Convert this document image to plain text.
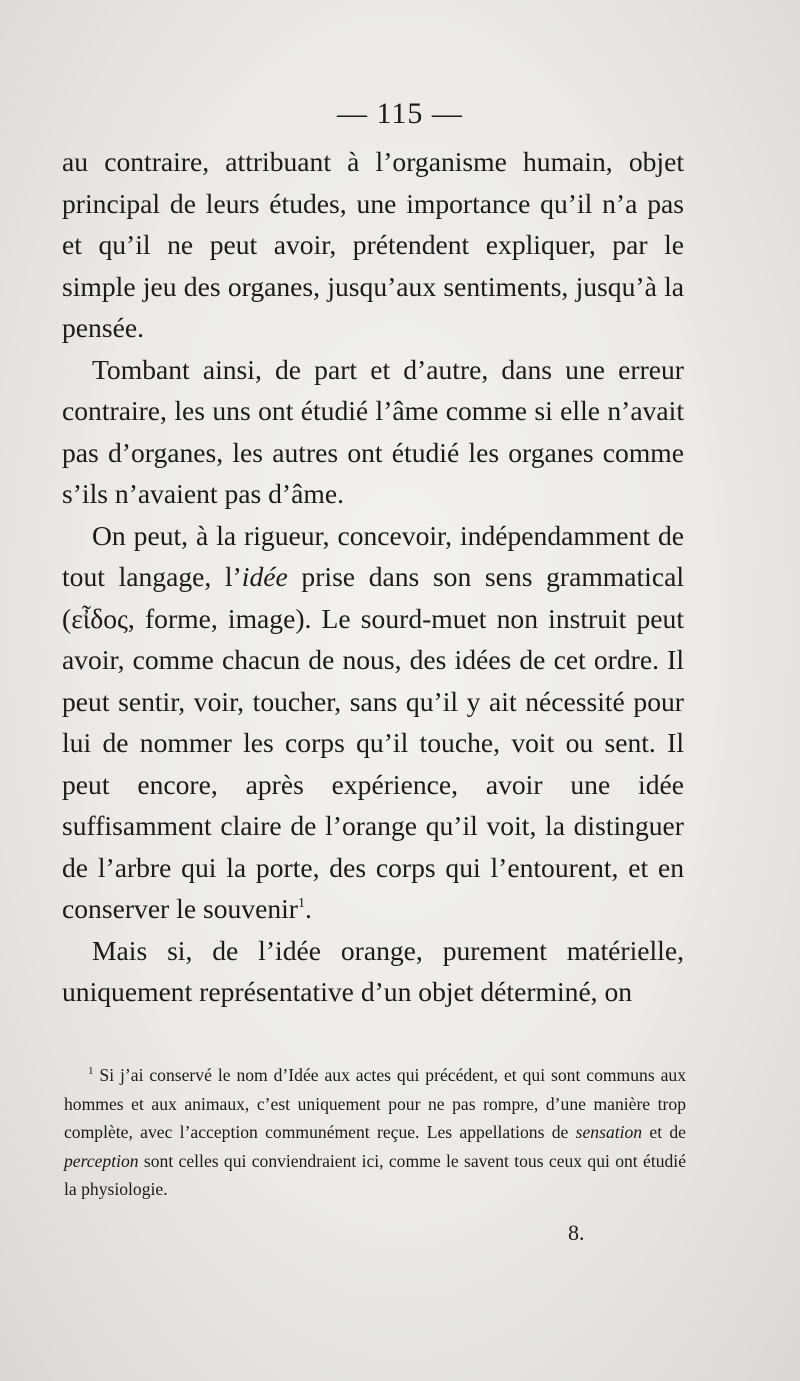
— 115 —

au contraire, attribuant à l’organisme humain, objet principal de leurs études, une importance qu’il n’a pas et qu’il ne peut avoir, prétendent expliquer, par le simple jeu des organes, jusqu’aux sentiments, jusqu’à la pensée.

Tombant ainsi, de part et d’autre, dans une erreur contraire, les uns ont étudié l’âme comme si elle n’avait pas d’organes, les autres ont étudié les organes comme s’ils n’avaient pas d’âme.

On peut, à la rigueur, concevoir, indépendamment de tout langage, l’idée prise dans son sens grammatical (εἶδος, forme, image). Le sourd-muet non instruit peut avoir, comme chacun de nous, des idées de cet ordre. Il peut sentir, voir, toucher, sans qu’il y ait nécessité pour lui de nommer les corps qu’il touche, voit ou sent. Il peut encore, après expérience, avoir une idée suffisamment claire de l’orange qu’il voit, la distinguer de l’arbre qui la porte, des corps qui l’entourent, et en conserver le souvenir$^1$.

Mais si, de l’idée orange, purement matérielle, uniquement représentative d’un objet déterminé, on

$^1$ Si j’ai conservé le nom d’Idée aux actes qui précédent, et qui sont communs aux hommes et aux animaux, c’est uniquement pour ne pas rompre, d’une manière trop complète, avec l’acception communément reçue. Les appellations de sensation et de perception sont celles qui conviendraient ici, comme le savent tous ceux qui ont étudié la physiologie.

8.
